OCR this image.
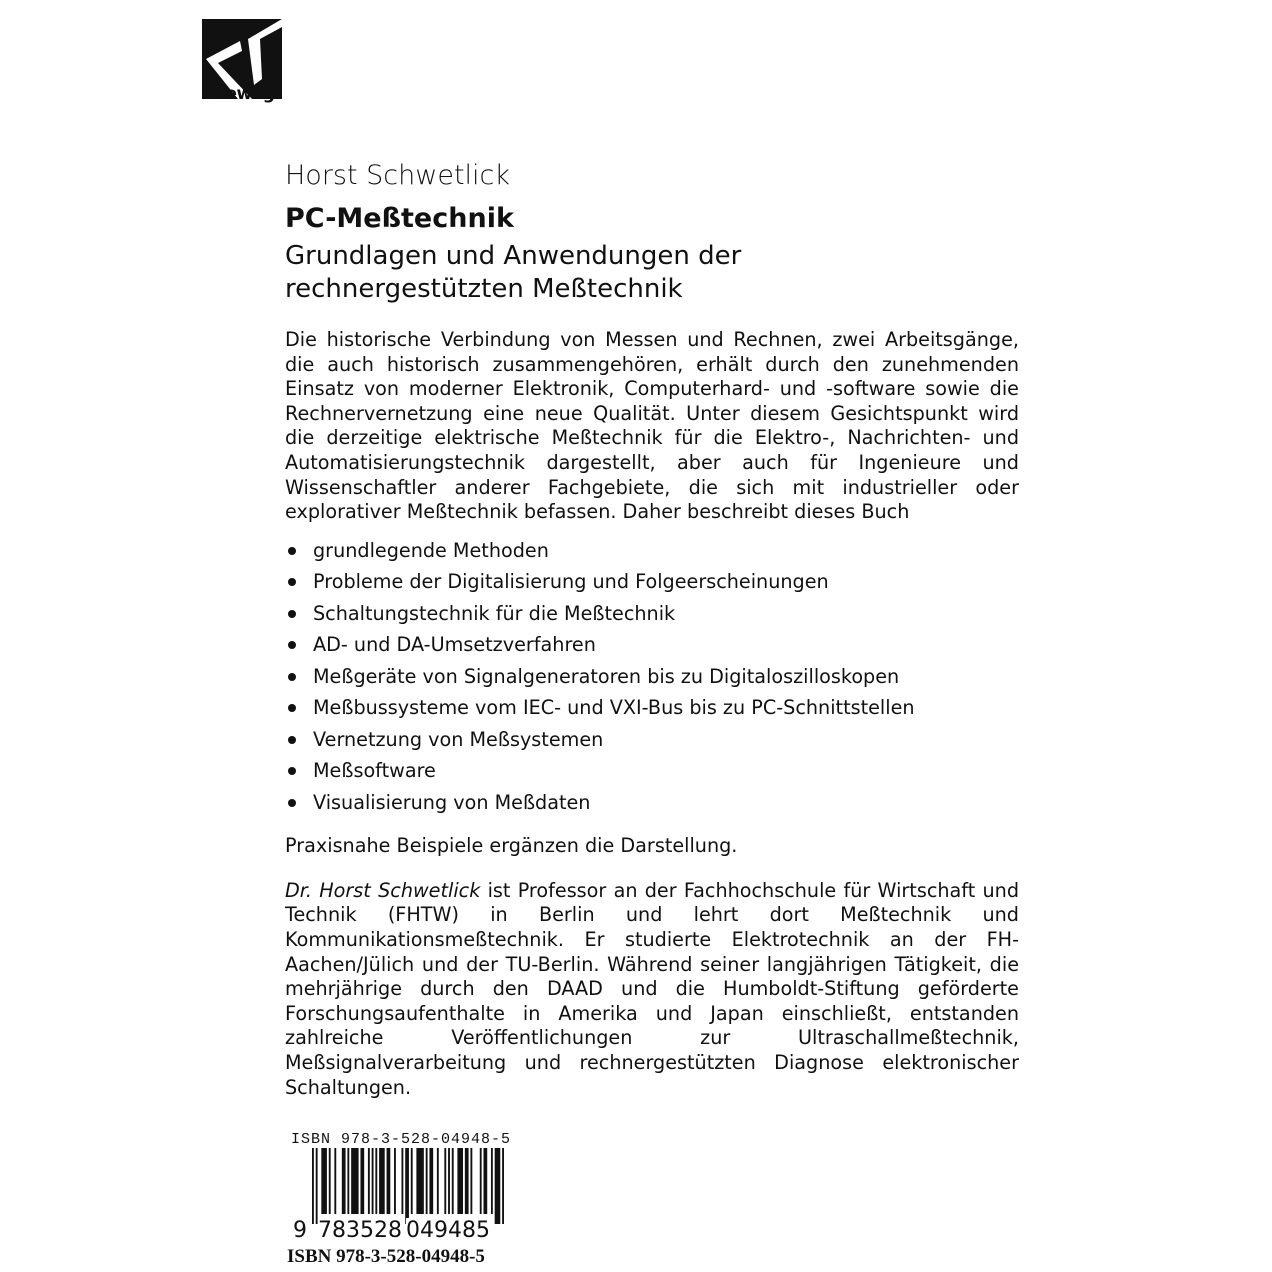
vieweg

Horst Schwetlick

PC-Meßtechnik

Grundlagen und Anwendungen der

rechnergestützten Meßtechnik

Die historische Verbindung von Messen und Rechnen, zwei Arbeitsgänge, die auch historisch zusammengehören, erhält durch den zunehmenden Einsatz von moderner Elektronik, Computerhard- und -software sowie die Rechnervernetzung eine neue Qualität. Unter diesem Gesichtspunkt wird die derzeitige elektrische Meßtechnik für die Elektro-, Nachrichten- und Automatisierungstechnik dargestellt, aber auch für Ingenieure und Wissenschaftler anderer Fachgebiete, die sich mit industrieller oder explorativer Meßtechnik befassen. Daher beschreibt dieses Buch

grundlegende Methoden
Probleme der Digitalisierung und Folgeerscheinungen
Schaltungstechnik für die Meßtechnik
AD- und DA-Umsetzverfahren
Meßgeräte von Signalgeneratoren bis zu Digitaloszilloskopen
Meßbussysteme vom IEC- und VXI-Bus bis zu PC-Schnittstellen
Vernetzung von Meßsystemen
Meßsoftware
Visualisierung von Meßdaten

Praxisnahe Beispiele ergänzen die Darstellung.

Dr. Horst Schwetlick ist Professor an der Fachhochschule für Wirtschaft und Technik (FHTW) in Berlin und lehrt dort Meßtechnik und Kommunikationsmeßtechnik. Er studierte Elektrotechnik an der FH-Aachen/Jülich und der TU-Berlin. Während seiner langjährigen Tätigkeit, die mehrjährige durch den DAAD und die Humboldt-Stiftung geförderte Forschungsaufenthalte in Amerika und Japan einschließt, entstanden zahlreiche Veröffentlichungen zur Ultraschallmeßtechnik, Meßsignalverarbeitung und rechnergestützten Diagnose elektronischer Schaltungen.

ISBN 978-3-528-04948-5
9 783528 049485
ISBN 978-3-528-04948-5
